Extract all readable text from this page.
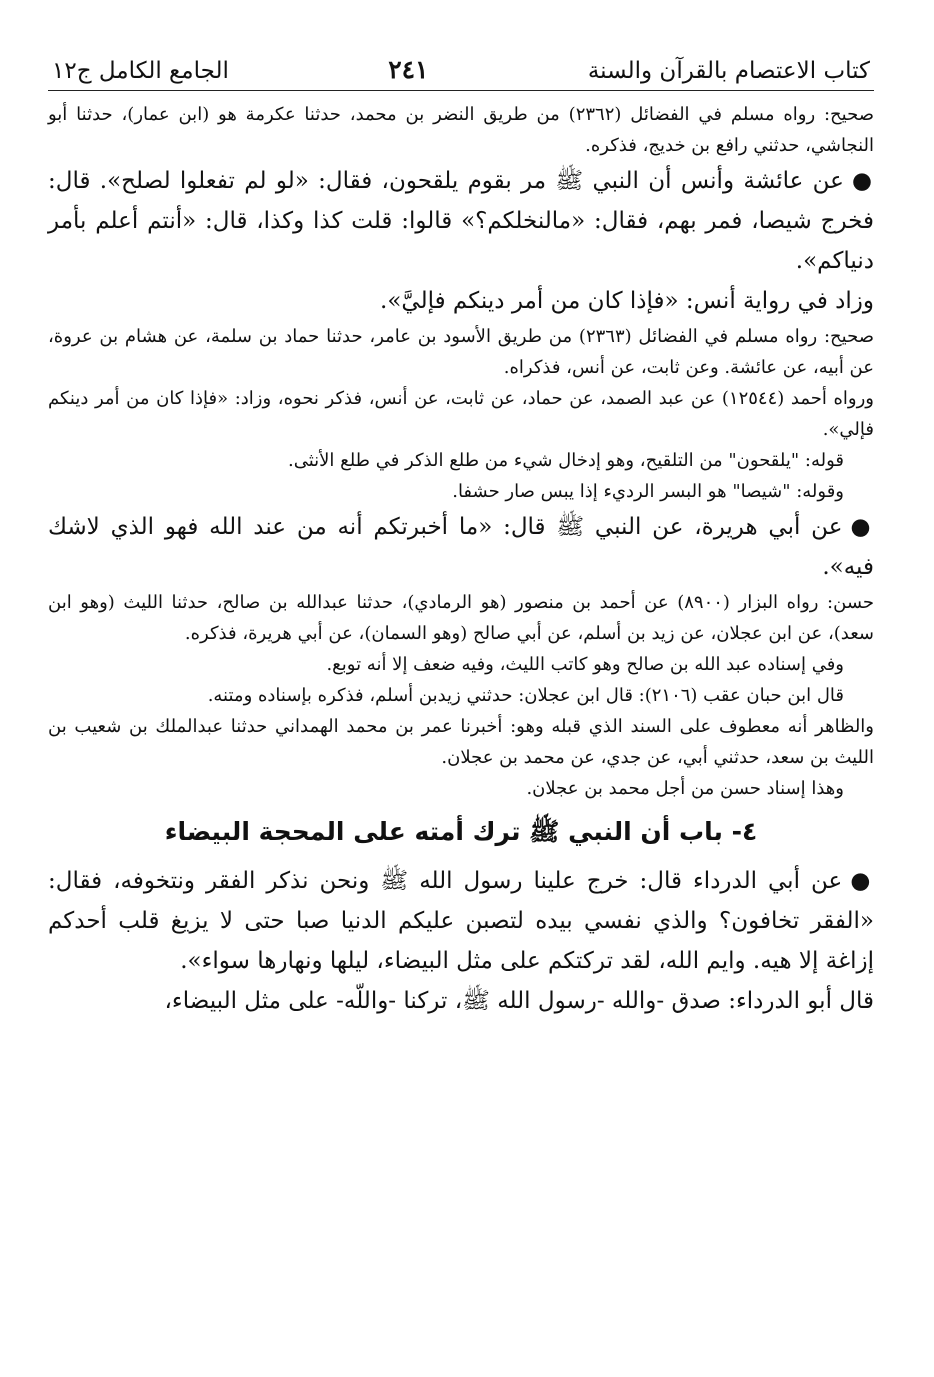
كتاب الاعتصام بالقرآن والسنة
٢٤١
الجامع الكامل ج١٢

صحيح: رواه مسلم في الفضائل (٢٣٦٢) من طريق النضر بن محمد، حدثنا عكرمة هو (ابن عمار)، حدثنا أبو النجاشي، حدثني رافع بن خديج، فذكره.

●عن عائشة وأنس أن النبي ﷺ مر بقوم يلقحون، فقال: «لو لم تفعلوا لصلح». قال: فخرج شيصا، فمر بهم، فقال: «مالنخلكم؟» قالوا: قلت كذا وكذا، قال: «أنتم أعلم بأمر دنياكم».

وزاد في رواية أنس: «فإذا كان من أمر دينكم فإليَّ».

صحيح: رواه مسلم في الفضائل (٢٣٦٣) من طريق الأسود بن عامر، حدثنا حماد بن سلمة، عن هشام بن عروة، عن أبيه، عن عائشة. وعن ثابت، عن أنس، فذكراه.

ورواه أحمد (١٢٥٤٤) عن عبد الصمد، عن حماد، عن ثابت، عن أنس، فذكر نحوه، وزاد: «فإذا كان من أمر دينكم فإلي».

قوله: "يلقحون" من التلقيح، وهو إدخال شيء من طلع الذكر في طلع الأنثى.

وقوله: "شيصا" هو البسر الرديء إذا يبس صار حشفا.

●عن أبي هريرة، عن النبي ﷺ قال: «ما أخبرتكم أنه من عند الله فهو الذي لاشك فيه».

حسن: رواه البزار (٨٩٠٠) عن أحمد بن منصور (هو الرمادي)، حدثنا عبدالله بن صالح، حدثنا الليث (وهو ابن سعد)، عن ابن عجلان، عن زيد بن أسلم، عن أبي صالح (وهو السمان)، عن أبي هريرة، فذكره.

وفي إسناده عبد الله بن صالح وهو كاتب الليث، وفيه ضعف إلا أنه توبع.

قال ابن حبان عقب (٢١٠٦): قال ابن عجلان: حدثني زيدبن أسلم، فذكره بإسناده ومتنه.

والظاهر أنه معطوف على السند الذي قبله وهو: أخبرنا عمر بن محمد الهمداني حدثنا عبدالملك بن شعيب بن الليث بن سعد، حدثني أبي، عن جدي، عن محمد بن عجلان.

وهذا إسناد حسن من أجل محمد بن عجلان.

٤- باب أن النبي ﷺ ترك أمته على المحجة البيضاء

●عن أبي الدرداء قال: خرج علينا رسول الله ﷺ ونحن نذكر الفقر ونتخوفه، فقال: «الفقر تخافون؟ والذي نفسي بيده لتصبن عليكم الدنيا صبا حتى لا يزيغ قلب أحدكم إزاغة إلا هيه. وايم الله، لقد تركتكم على مثل البيضاء، ليلها ونهارها سواء».

قال أبو الدرداء: صدق -والله -رسول الله ﷺ، تركنا -واللّه- على مثل البيضاء،
